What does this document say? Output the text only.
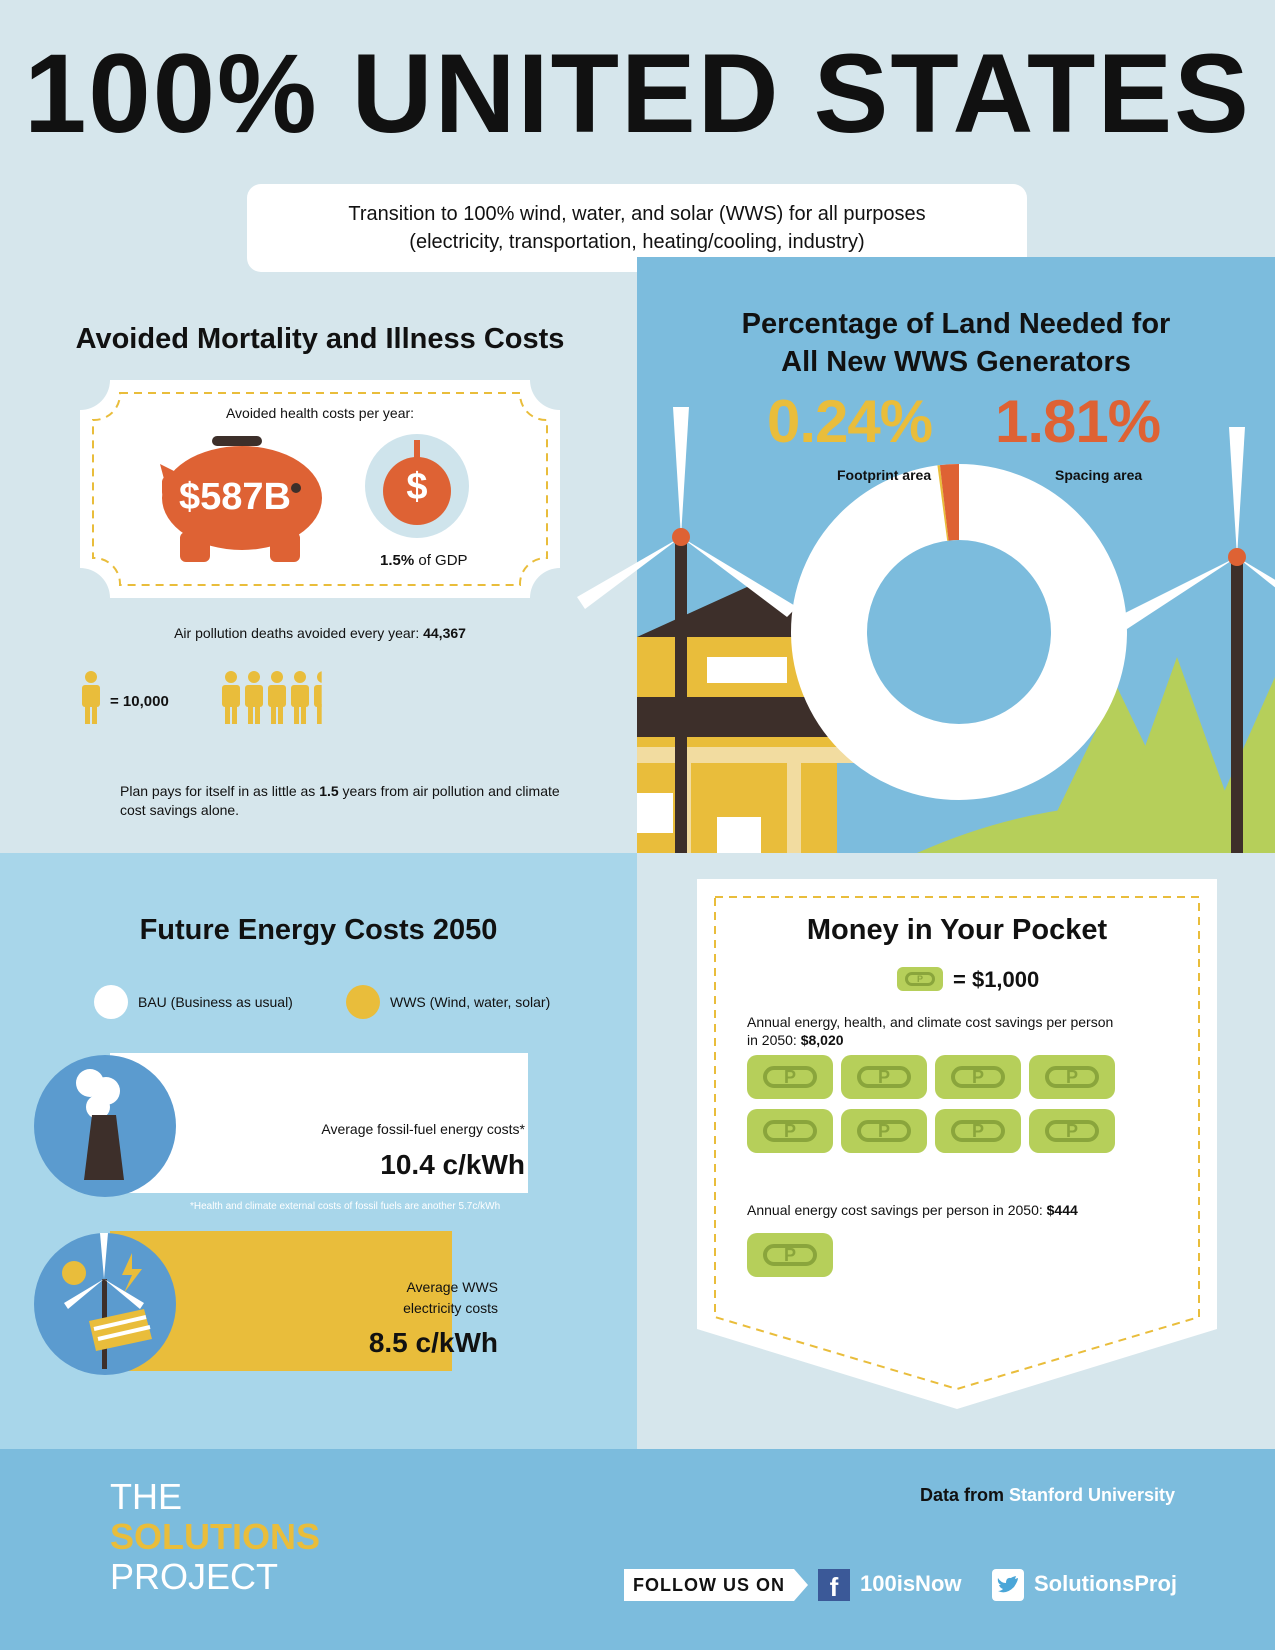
100% UNITED STATES
Transition to 100% wind, water, and solar (WWS) for all purposes
(electricity, transportation, heating/cooling, industry)
Avoided Mortality and Illness Costs
Avoided health costs per year:
$587B	$
1.5% of GDP
Air pollution deaths avoided every year: 44,367
= 10,000
Plan pays for itself in as little as 1.5 years from air pollution and climate
cost savings alone.
Percentage of Land Needed for
All New WWS Generators
0.24%
Footprint area
1.81%
Spacing area
Future Energy Costs 2050
BAU (Business as usual)	WWS (Wind, water, solar)
Average fossil-fuel energy costs*
10.4 c/kWh
*Health and climate external costs of fossil fuels are another 5.7c/kWh
Average WWS
electricity costs
8.5 c/kWh
Money in Your Pocket
P	= $1,000
Annual energy, health, and climate cost savings per person
in 2050: $8,020
P	P	P	P
P	P	P	P
Annual energy cost savings per person in 2050: $444
P
THE
SOLUTIONS
PROJECT
Data from Stanford University
FOLLOW US ON	f 100isNow	SolutionsProj
